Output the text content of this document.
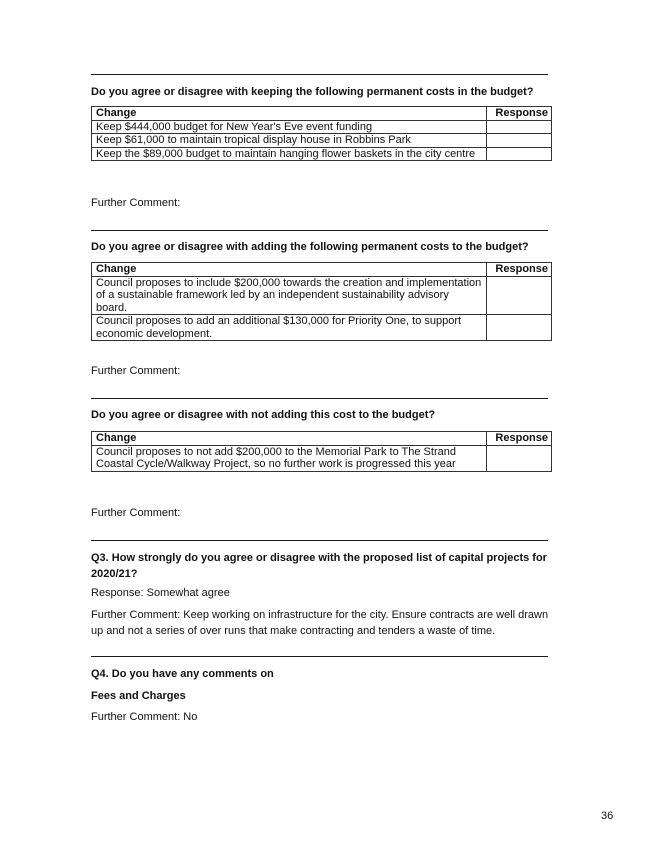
Do you agree or disagree with keeping the following permanent costs in the budget?
Change	Response
Keep $444,000 budget for New Year's Eve event funding	
Keep $61,000 to maintain tropical display house in Robbins Park	
Keep the $89,000 budget to maintain hanging flower baskets in the city centre	
Further Comment:
Do you agree or disagree with adding the following permanent costs to the budget?
Change	Response
Council proposes to include $200,000 towards the creation and implementation of a sustainable framework led by an independent sustainability advisory board.	
Council proposes to add an additional $130,000 for Priority One, to support economic development.	
Further Comment:
Do you agree or disagree with not adding this cost to the budget?
Change	Response
Council proposes to not add $200,000 to the Memorial Park to The Strand Coastal Cycle/Walkway Project, so no further work is progressed this year	
Further Comment:
Q3. How strongly do you agree or disagree with the proposed list of capital projects for 2020/21?
Response: Somewhat agree
Further Comment: Keep working on infrastructure for the city. Ensure contracts are well drawn up and not a series of over runs that make contracting and tenders a waste of time.
Q4. Do you have any comments on
Fees and Charges
Further Comment: No
36
